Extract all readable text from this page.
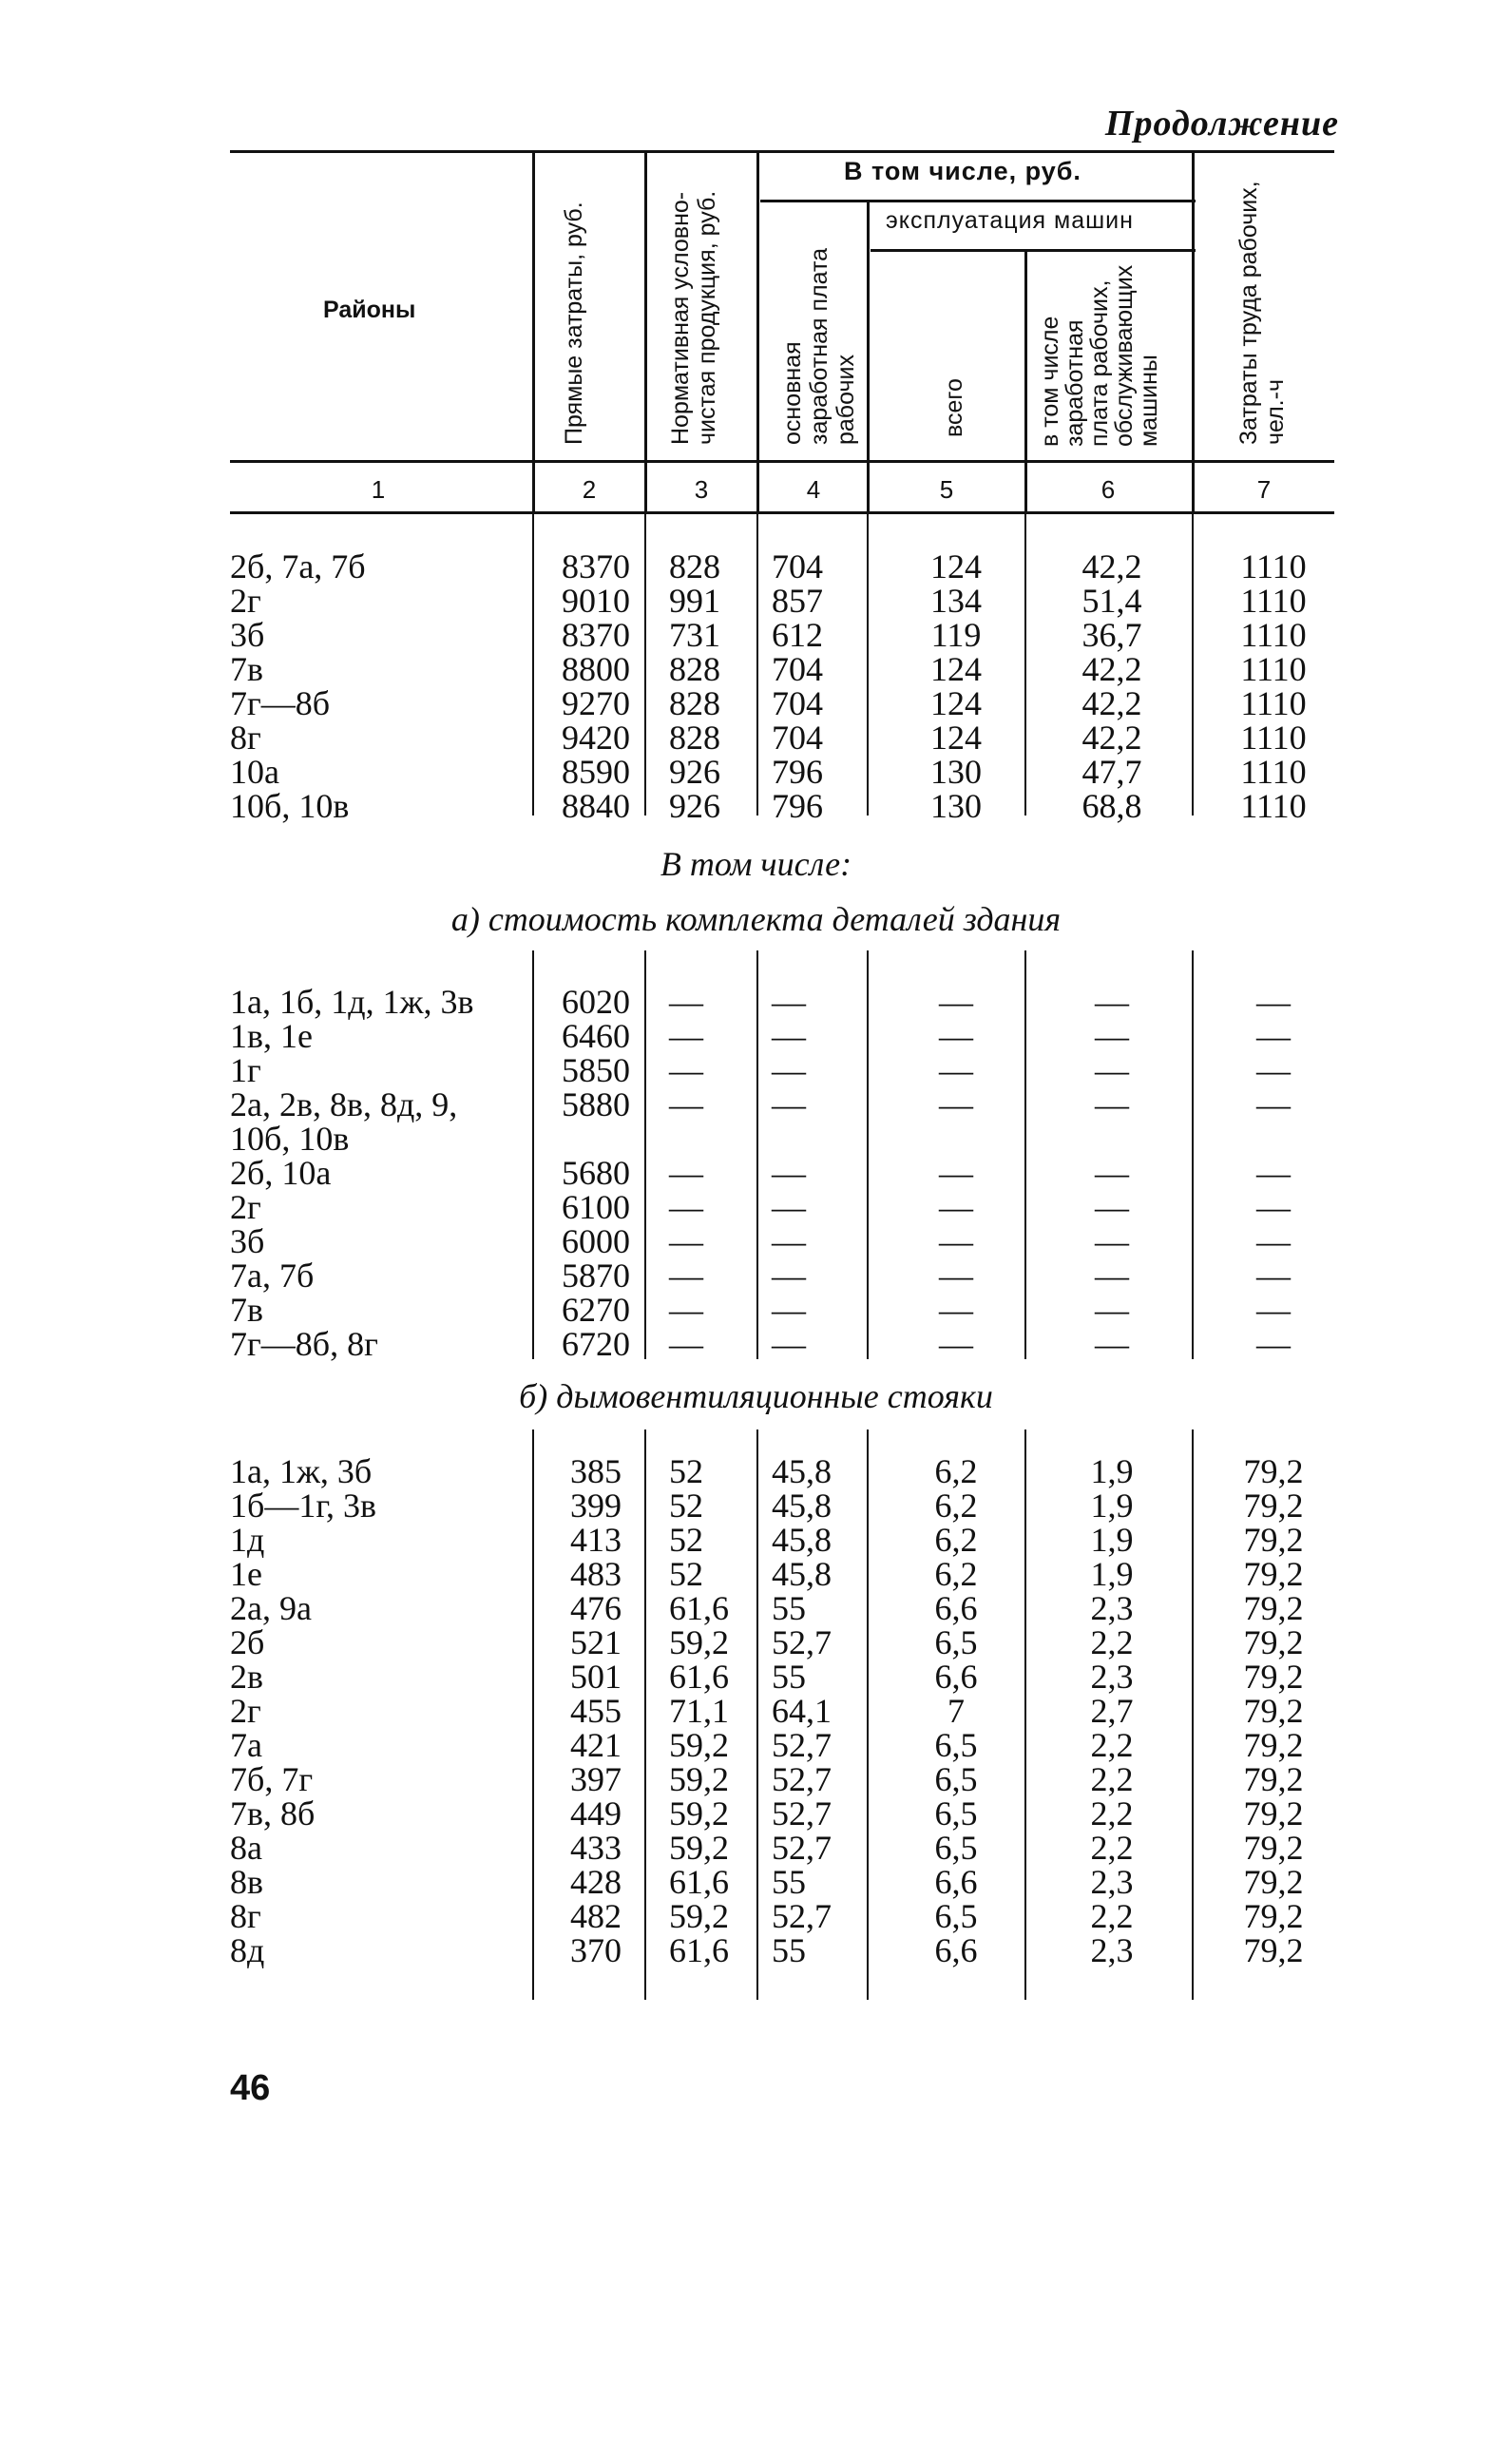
Продолжение
Районы	Прямые затраты, руб.	Нормативная условно-чистая продукция, руб.
В том числе, руб.
основная заработная плата рабочих
эксплуатация машин
всего	в том числе заработная плата рабочих, обслуживающих машины	Затраты труда рабочих, чел.-ч
1	2	3	4	5	6	7
2б, 7а, 7б	8370 828	704	124	42,2	1110
2г	9010 991	857	134	51,4	1110
3б	8370 731	612	119	36,7	1110
7в	8800 828	704	124	42,2	1110
7г—8б	9270 828	704	124	42,2	1110
8г	9420 828	704	124	42,2	1110
10а	8590 926	796	130	47,7	1110
10б, 10в	8840 926	796	130	68,8	1110
В том числе:
а) стоимость комплекта деталей здания
1а, 1б, 1д, 1ж, 3в	6020 —	—	—	—	—
1в, 1е	6460 —	—	—	—	—
1г	5850 —	—	—	—	—
2а, 2в, 8в, 8д, 9,	5880 —	—	—	—	—
10б, 10в
2б, 10а	5680 —	—	—	—	—
2г	6100 —	—	—	—	—
3б	6000 —	—	—	—	—
7а, 7б	5870 —	—	—	—	—
7в	6270 —	—	—	—	—
7г—8б, 8г	6720 —	—	—	—	—
б) дымовентиляционные стояки
1а, 1ж, 3б	385	52	45,8	6,2	1,9	79,2
1б—1г, 3в	399	52	45,8	6,2	1,9	79,2
1д	413	52	45,8	6,2	1,9	79,2
1е	483	52	45,8	6,2	1,9	79,2
2а, 9а	476	61,6 55	6,6	2,3	79,2
2б	521	59,2 52,7	6,5	2,2	79,2
2в	501	61,6 55	6,6	2,3	79,2
2г	455	71,1 64,1	7	2,7	79,2
7а	421	59,2 52,7	6,5	2,2	79,2
7б, 7г	397	59,2 52,7	6,5	2,2	79,2
7в, 8б	449	59,2 52,7	6,5	2,2	79,2
8а	433	59,2 52,7	6,5	2,2	79,2
8в	428	61,6 55	6,6	2,3	79,2
8г	482	59,2 52,7	6,5	2,2	79,2
8д	370	61,6 55	6,6	2,3	79,2
46
